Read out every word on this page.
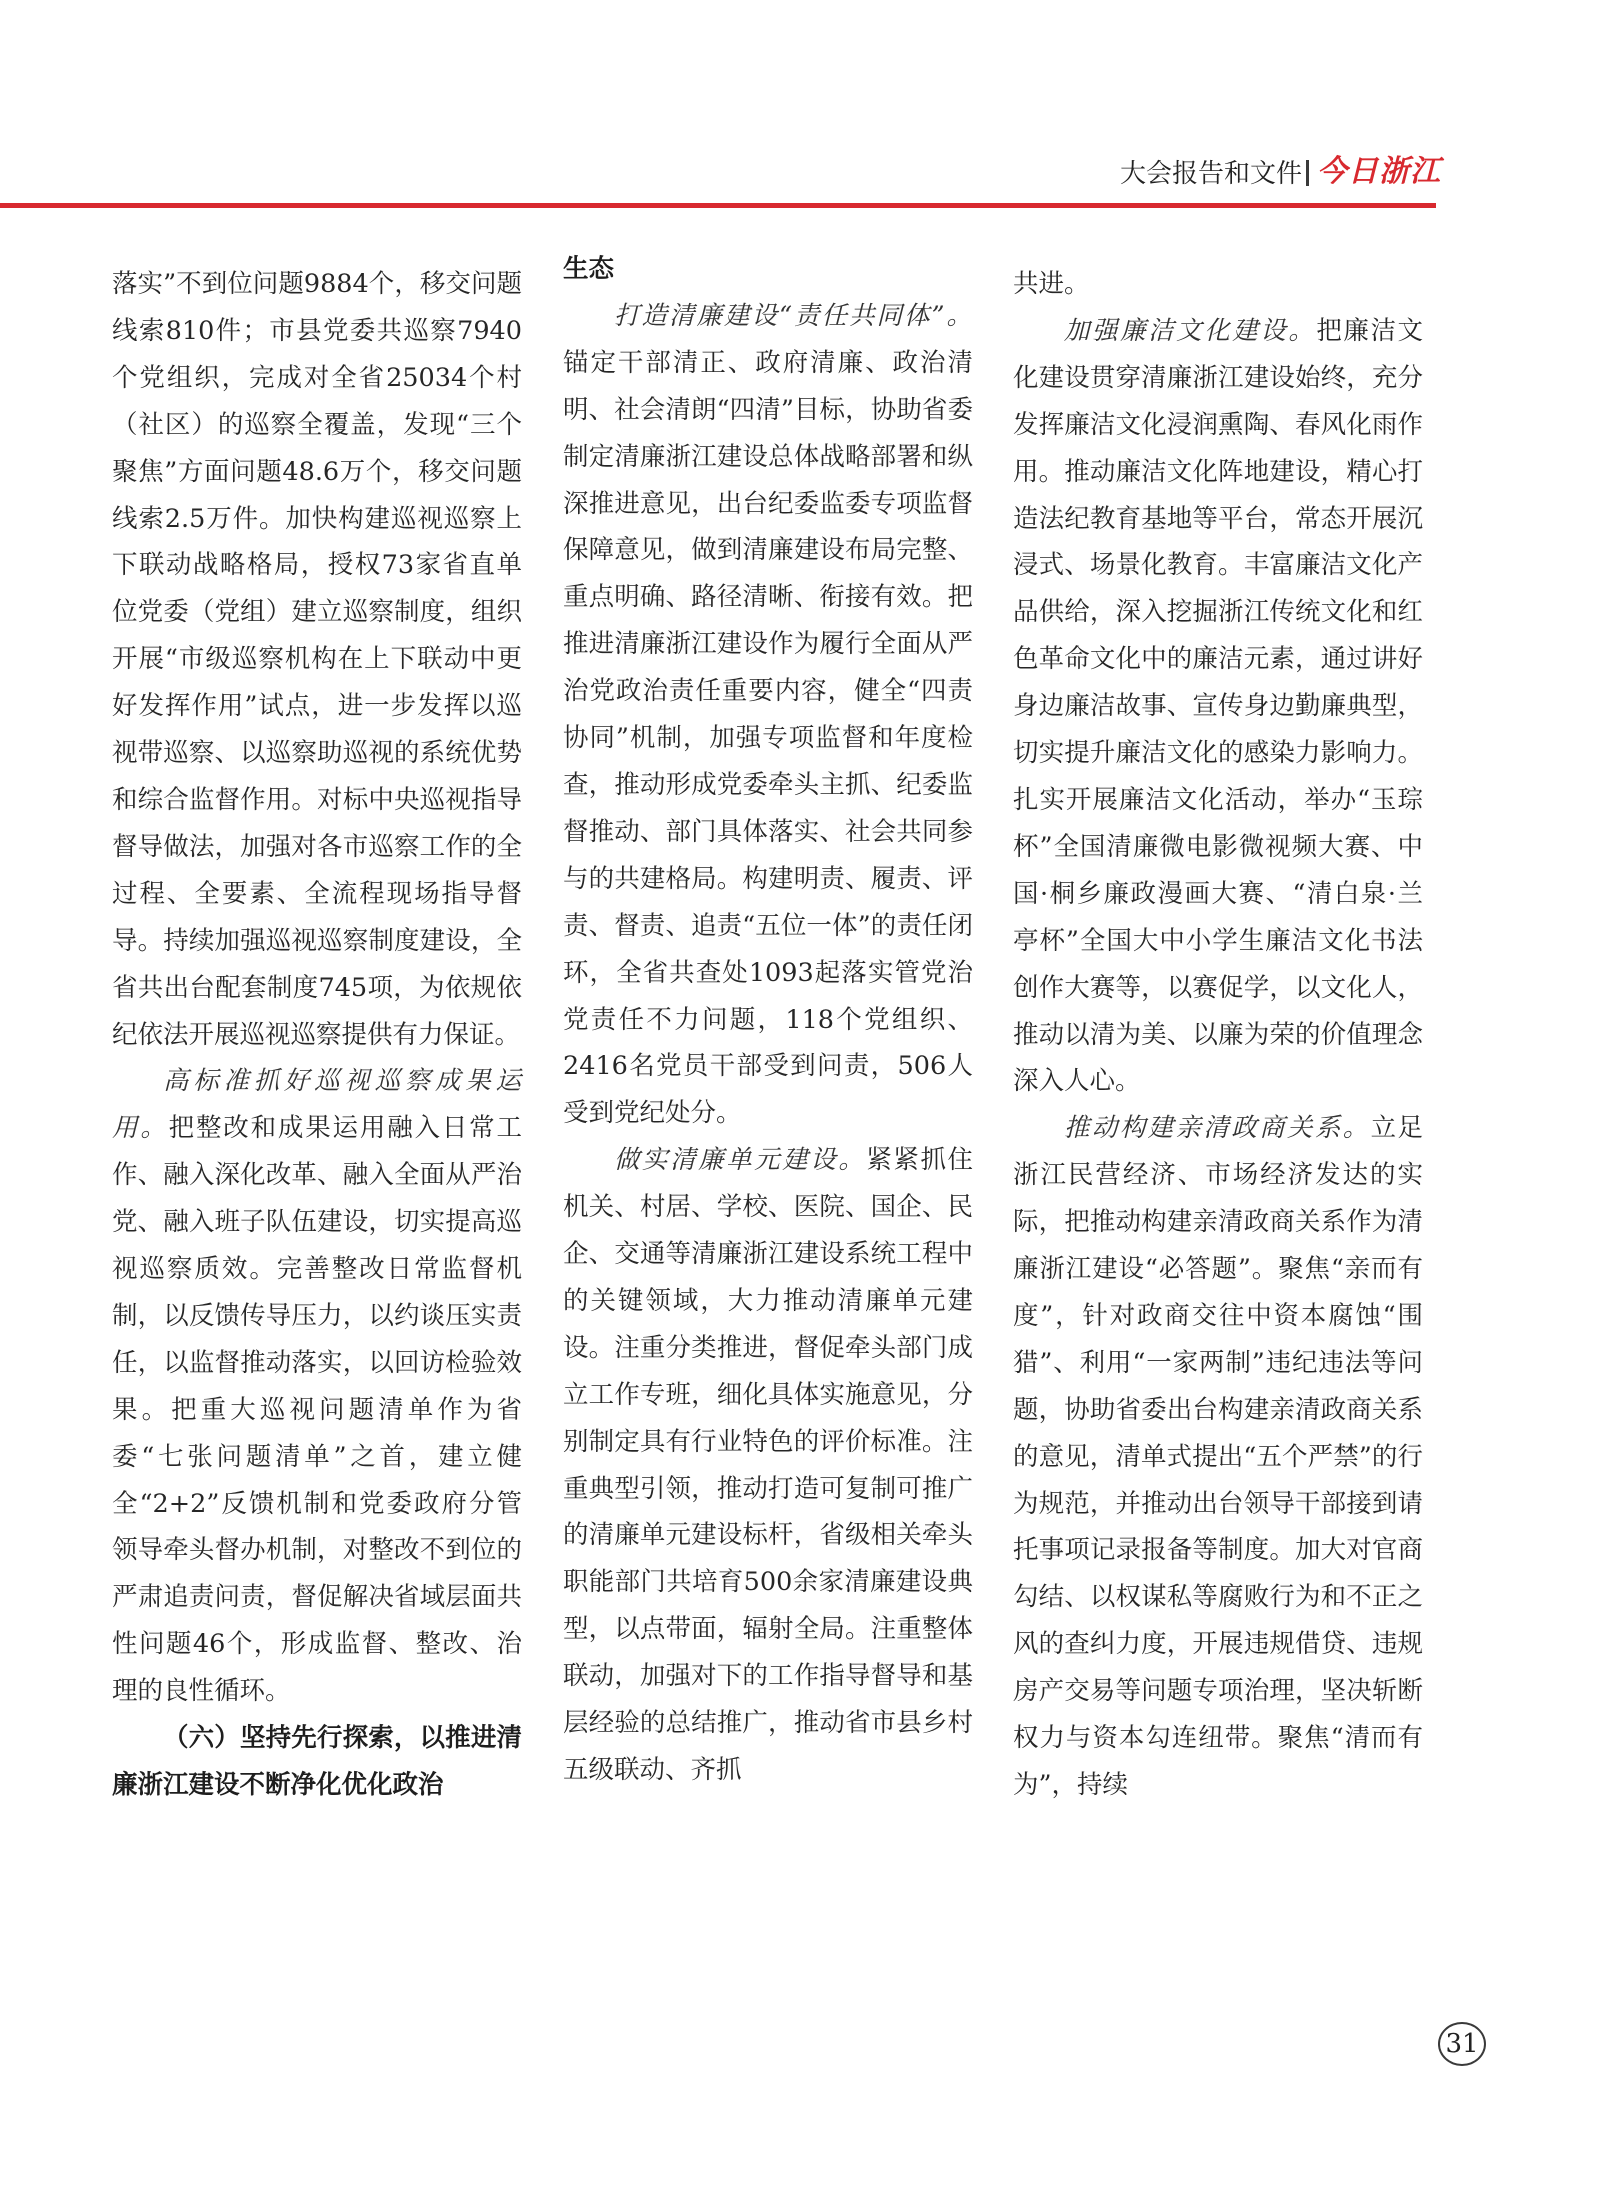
大会报告和文件 今日浙江

落实”不到位问题9884个，移交问题线索810件；市县党委共巡察7940个党组织，完成对全省25034个村（社区）的巡察全覆盖，发现“三个聚焦”方面问题48.6万个，移交问题线索2.5万件。加快构建巡视巡察上下联动战略格局，授权73家省直单位党委（党组）建立巡察制度，组织开展“市级巡察机构在上下联动中更好发挥作用”试点，进一步发挥以巡视带巡察、以巡察助巡视的系统优势和综合监督作用。对标中央巡视指导督导做法，加强对各市巡察工作的全过程、全要素、全流程现场指导督导。持续加强巡视巡察制度建设，全省共出台配套制度745项，为依规依纪依法开展巡视巡察提供有力保证。

高标准抓好巡视巡察成果运用。把整改和成果运用融入日常工作、融入深化改革、融入全面从严治党、融入班子队伍建设，切实提高巡视巡察质效。完善整改日常监督机制，以反馈传导压力，以约谈压实责任，以监督推动落实，以回访检验效果。把重大巡视问题清单作为省委“七张问题清单”之首，建立健全“2+2”反馈机制和党委政府分管领导牵头督办机制，对整改不到位的严肃追责问责，督促解决省域层面共性问题46个，形成监督、整改、治理的良性循环。

（六）坚持先行探索，以推进清廉浙江建设不断净化优化政治

生态

打造清廉建设“责任共同体”。锚定干部清正、政府清廉、政治清明、社会清朗“四清”目标，协助省委制定清廉浙江建设总体战略部署和纵深推进意见，出台纪委监委专项监督保障意见，做到清廉建设布局完整、重点明确、路径清晰、衔接有效。把推进清廉浙江建设作为履行全面从严治党政治责任重要内容，健全“四责协同”机制，加强专项监督和年度检查，推动形成党委牵头主抓、纪委监督推动、部门具体落实、社会共同参与的共建格局。构建明责、履责、评责、督责、追责“五位一体”的责任闭环，全省共查处1093起落实管党治党责任不力问题，118个党组织、2416名党员干部受到问责，506人受到党纪处分。

做实清廉单元建设。紧紧抓住机关、村居、学校、医院、国企、民企、交通等清廉浙江建设系统工程中的关键领域，大力推动清廉单元建设。注重分类推进，督促牵头部门成立工作专班，细化具体实施意见，分别制定具有行业特色的评价标准。注重典型引领，推动打造可复制可推广的清廉单元建设标杆，省级相关牵头职能部门共培育500余家清廉建设典型，以点带面，辐射全局。注重整体联动，加强对下的工作指导督导和基层经验的总结推广，推动省市县乡村五级联动、齐抓

共进。

加强廉洁文化建设。把廉洁文化建设贯穿清廉浙江建设始终，充分发挥廉洁文化浸润熏陶、春风化雨作用。推动廉洁文化阵地建设，精心打造法纪教育基地等平台，常态开展沉浸式、场景化教育。丰富廉洁文化产品供给，深入挖掘浙江传统文化和红色革命文化中的廉洁元素，通过讲好身边廉洁故事、宣传身边勤廉典型，切实提升廉洁文化的感染力影响力。扎实开展廉洁文化活动，举办“玉琮杯”全国清廉微电影微视频大赛、中国·桐乡廉政漫画大赛、“清白泉·兰亭杯”全国大中小学生廉洁文化书法创作大赛等，以赛促学，以文化人，推动以清为美、以廉为荣的价值理念深入人心。

推动构建亲清政商关系。立足浙江民营经济、市场经济发达的实际，把推动构建亲清政商关系作为清廉浙江建设“必答题”。聚焦“亲而有度”，针对政商交往中资本腐蚀“围猎”、利用“一家两制”违纪违法等问题，协助省委出台构建亲清政商关系的意见，清单式提出“五个严禁”的行为规范，并推动出台领导干部接到请托事项记录报备等制度。加大对官商勾结、以权谋私等腐败行为和不正之风的查纠力度，开展违规借贷、违规房产交易等问题专项治理，坚决斩断权力与资本勾连纽带。聚焦“清而有为”，持续

31
